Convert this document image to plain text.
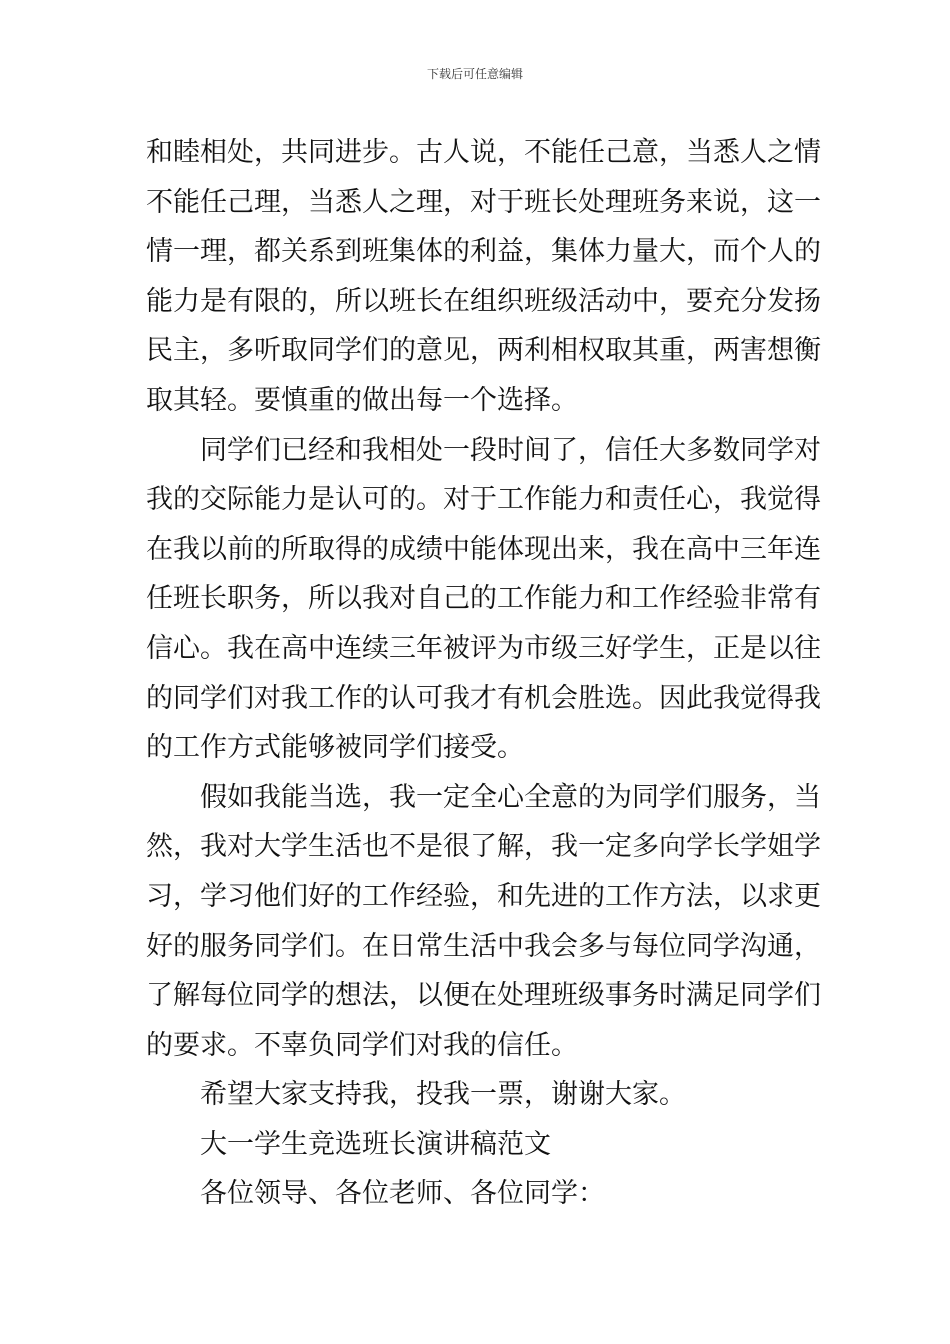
下载后可任意编辑
和睦相处，共同进步。古人说，不能任己意，当悉人之情
不能任己理，当悉人之理，对于班长处理班务来说，这一
情一理，都关系到班集体的利益，集体力量大，而个人的
能力是有限的，所以班长在组织班级活动中，要充分发扬
民主，多听取同学们的意见，两利相权取其重，两害想衡
取其轻。要慎重的做出每一个选择。
同学们已经和我相处一段时间了，信任大多数同学对
我的交际能力是认可的。对于工作能力和责任心，我觉得
在我以前的所取得的成绩中能体现出来，我在高中三年连
任班长职务，所以我对自己的工作能力和工作经验非常有
信心。我在高中连续三年被评为市级三好学生，正是以往
的同学们对我工作的认可我才有机会胜选。因此我觉得我
的工作方式能够被同学们接受。
假如我能当选，我一定全心全意的为同学们服务，当
然，我对大学生活也不是很了解，我一定多向学长学姐学
习，学习他们好的工作经验，和先进的工作方法，以求更
好的服务同学们。在日常生活中我会多与每位同学沟通，
了解每位同学的想法，以便在处理班级事务时满足同学们
的要求。不辜负同学们对我的信任。
希望大家支持我，投我一票，谢谢大家。
大一学生竞选班长演讲稿范文
各位领导、各位老师、各位同学：
